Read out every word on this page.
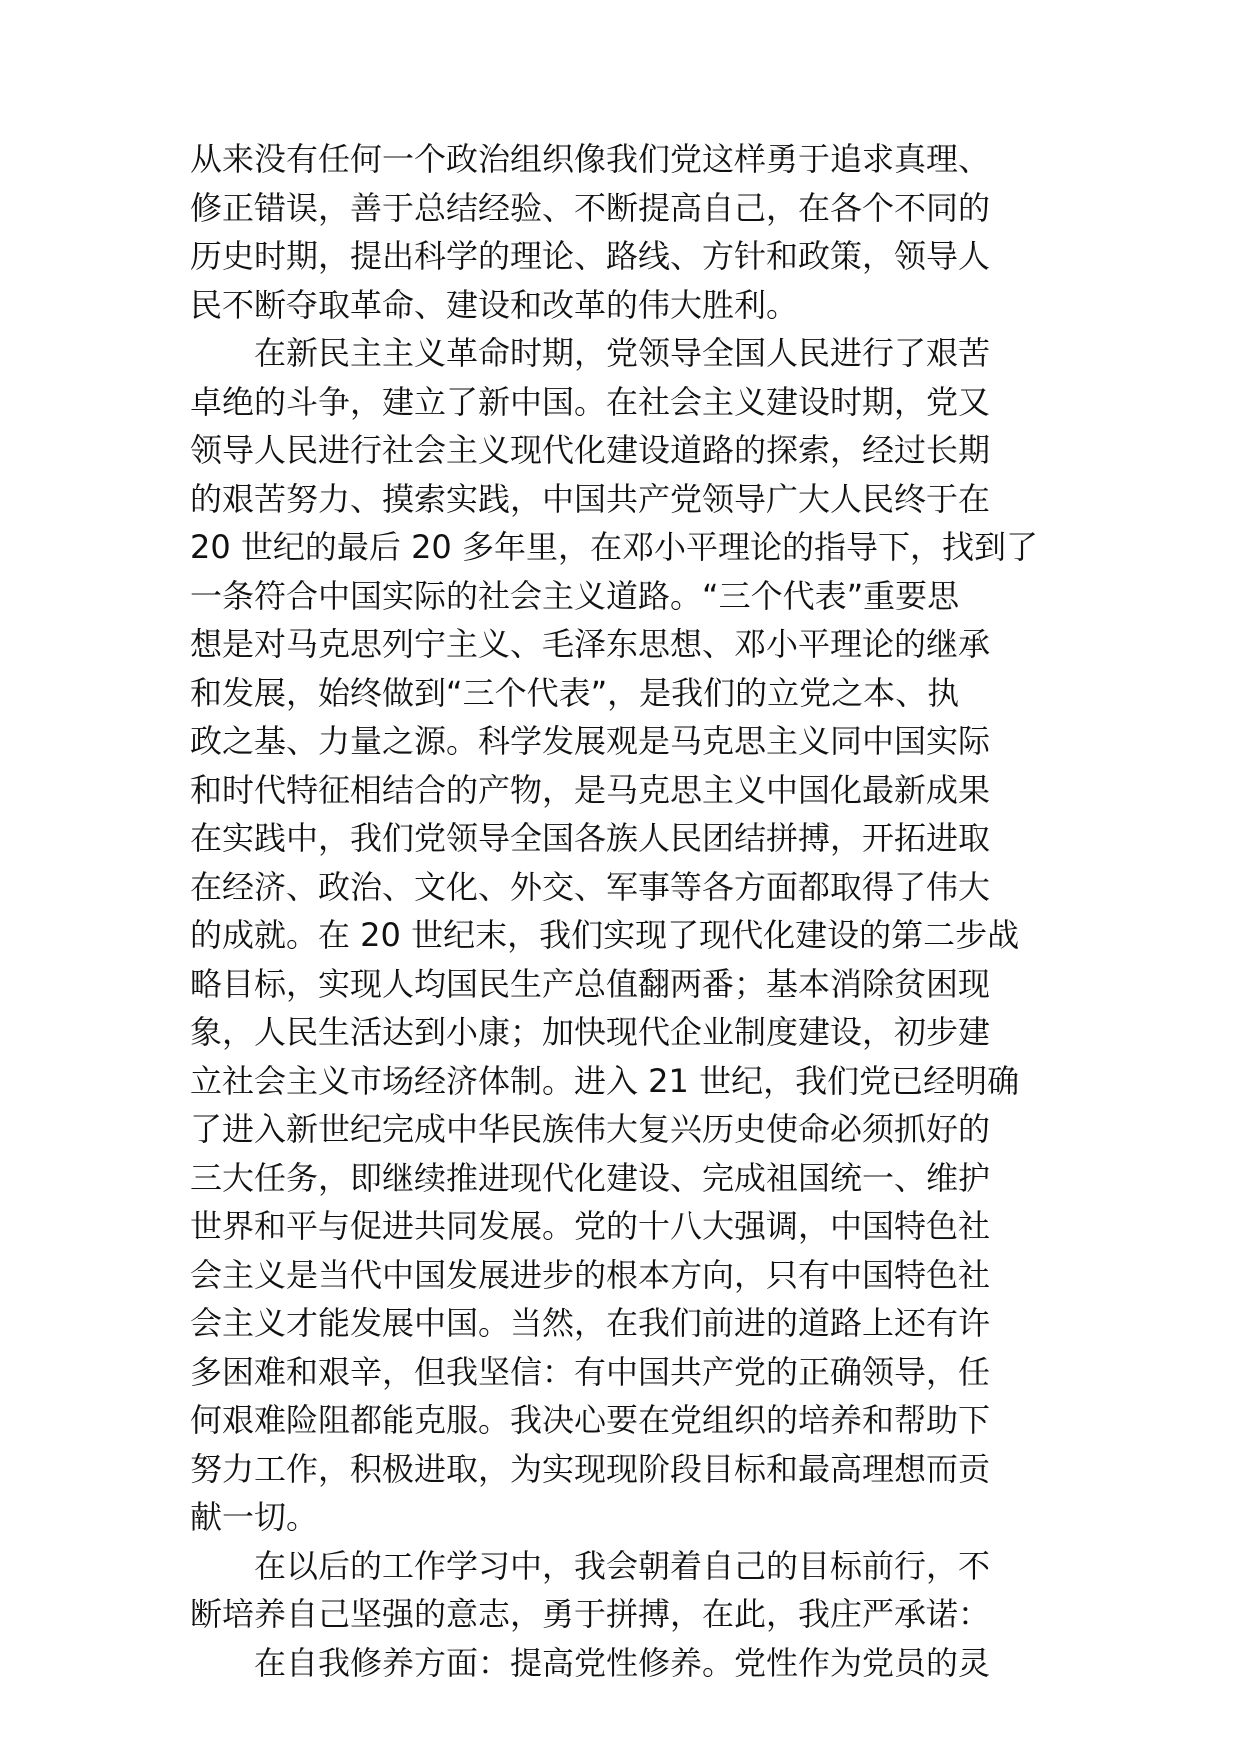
从来没有任何一个政治组织像我们党这样勇于追求真理、
修正错误，善于总结经验、不断提高自己，在各个不同的
历史时期，提出科学的理论、路线、方针和政策，领导人
民不断夺取革命、建设和改革的伟大胜利。
在新民主主义革命时期，党领导全国人民进行了艰苦
卓绝的斗争，建立了新中国。在社会主义建设时期，党又
领导人民进行社会主义现代化建设道路的探索，经过长期
的艰苦努力、摸索实践，中国共产党领导广大人民终于在
20 世纪的最后 20 多年里，在邓小平理论的指导下，找到了
一条符合中国实际的社会主义道路。“三个代表”重要思
想是对马克思列宁主义、毛泽东思想、邓小平理论的继承
和发展，始终做到“三个代表”，是我们的立党之本、执
政之基、力量之源。科学发展观是马克思主义同中国实际
和时代特征相结合的产物，是马克思主义中国化最新成果
在实践中，我们党领导全国各族人民团结拼搏，开拓进取
在经济、政治、文化、外交、军事等各方面都取得了伟大
的成就。在 20 世纪末，我们实现了现代化建设的第二步战
略目标，实现人均国民生产总值翻两番；基本消除贫困现
象，人民生活达到小康；加快现代企业制度建设，初步建
立社会主义市场经济体制。进入 21 世纪，我们党已经明确
了进入新世纪完成中华民族伟大复兴历史使命必须抓好的
三大任务，即继续推进现代化建设、完成祖国统一、维护
世界和平与促进共同发展。党的十八大强调，中国特色社
会主义是当代中国发展进步的根本方向，只有中国特色社
会主义才能发展中国。当然，在我们前进的道路上还有许
多困难和艰辛，但我坚信：有中国共产党的正确领导，任
何艰难险阻都能克服。我决心要在党组织的培养和帮助下
努力工作，积极进取，为实现现阶段目标和最高理想而贡
献一切。
在以后的工作学习中，我会朝着自己的目标前行，不
断培养自己坚强的意志，勇于拼搏，在此，我庄严承诺：
在自我修养方面：提高党性修养。党性作为党员的灵
